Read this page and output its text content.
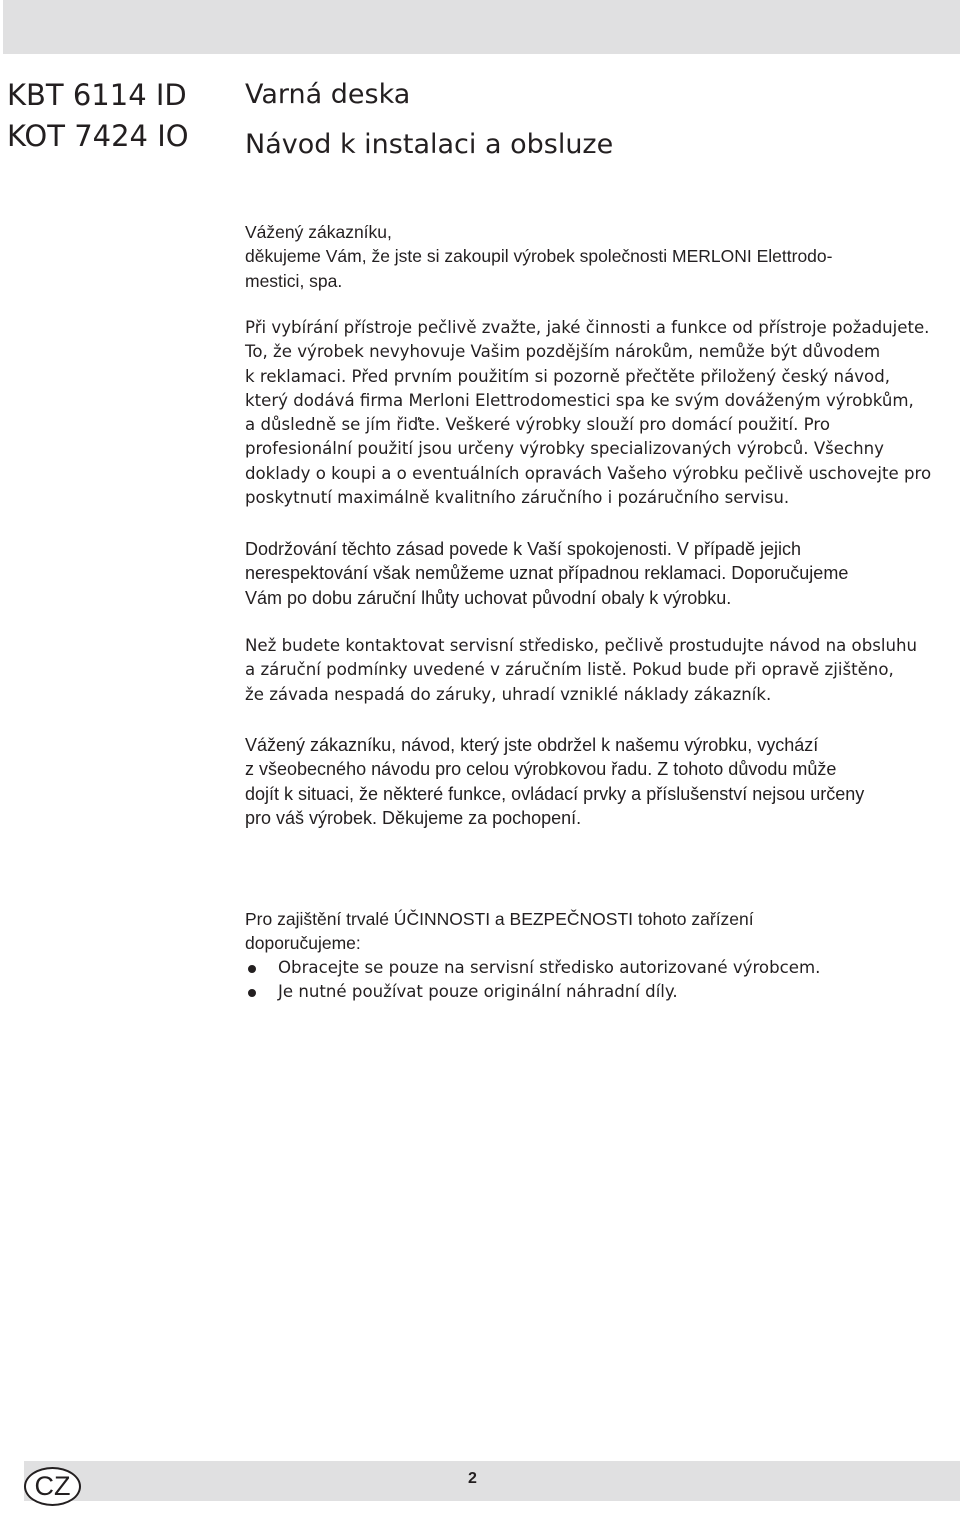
KBT 6114 ID
KOT 7424 IO
Varná deska
Návod k instalaci a obsluze

Vážený zákazníku,

děkujeme Vám, že jste si zakoupil výrobek společnosti MERLONI Elettrodo-

mestici, spa.

Při vybírání přístroje pečlivě zvažte, jaké činnosti a funkce od přístroje požadujete.

To, že výrobek nevyhovuje Vašim pozdějším nárokům, nemůže být důvodem

k reklamaci. Před prvním použitím si pozorně přečtěte přiložený český návod,

který dodává firma Merloni Elettrodomestici spa ke svým dováženým výrobkům,

a důsledně se jím řiďte. Veškeré výrobky slouží pro domácí použití. Pro

profesionální použití jsou určeny výrobky specializovaných výrobců. Všechny

doklady o koupi a o eventuálních opravách Vašeho výrobku pečlivě uschovejte pro

poskytnutí maximálně kvalitního záručního i pozáručního servisu.

Dodržování těchto zásad povede k Vaší spokojenosti. V případě jejich

nerespektování však nemůžeme uznat případnou reklamaci. Doporučujeme

Vám po dobu záruční lhůty uchovat původní obaly k výrobku.

Než budete kontaktovat servisní středisko, pečlivě prostudujte návod na obsluhu

a záruční podmínky uvedené v záručním listě. Pokud bude při opravě zjištěno,

že závada nespadá do záruky, uhradí vzniklé náklady zákazník.

Vážený zákazníku, návod, který jste obdržel k našemu výrobku, vychází

z všeobecného návodu pro celou výrobkovou řadu. Z tohoto důvodu může

dojít k situaci, že některé funkce, ovládací prvky a příslušenství nejsou určeny

pro váš výrobek. Děkujeme za pochopení.

Pro zajištění trvalé ÚČINNOSTI a BEZPEČNOSTI tohoto zařízení

doporučujeme:

Obracejte se pouze na servisní středisko autorizované výrobcem.
Je nutné používat pouze originální náhradní díly.
CZ	2
